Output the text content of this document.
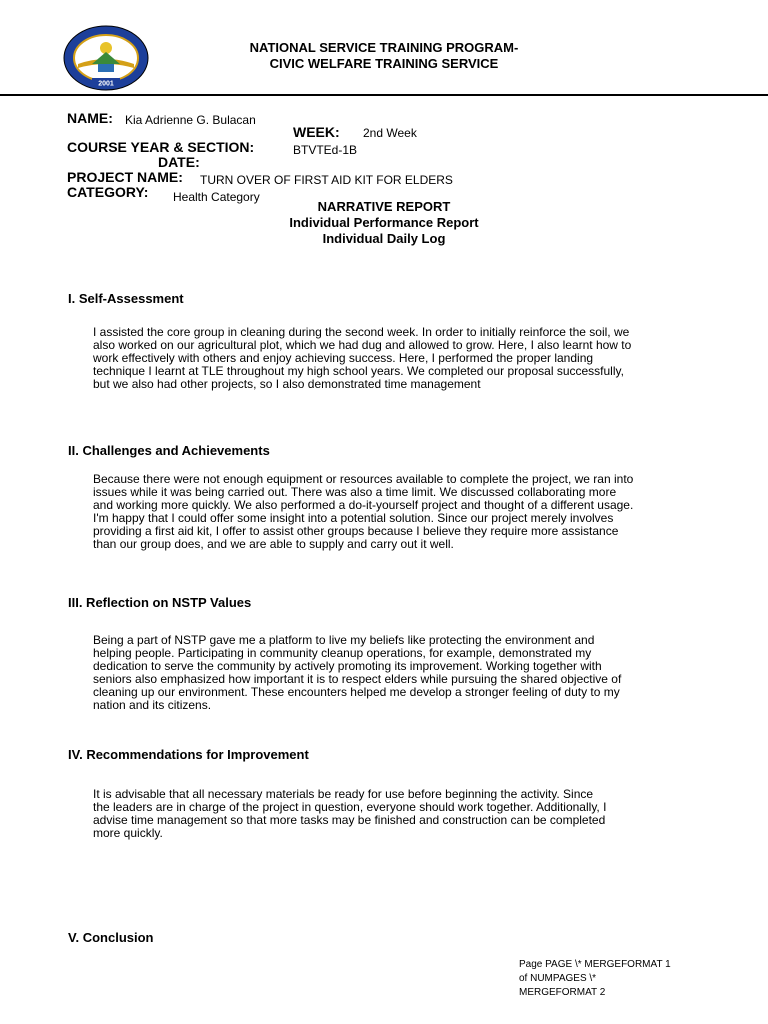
2001
NATIONAL SERVICE TRAINING PROGRAM-
CIVIC WELFARE TRAINING SERVICE
NAME: Kia Adrienne G. Bulacan
WEEK: 2nd Week
COURSE YEAR & SECTION:	BTVTEd-1B
DATE:
PROJECT NAME: TURN OVER OF FIRST AID KIT FOR ELDERS
CATEGORY: Health Category
NARRATIVE REPORT
Individual Performance Report
Individual Daily Log
I. Self-Assessment
I assisted the core group in cleaning during the second week. In order to initially reinforce the soil, we
also worked on our agricultural plot, which we had dug and allowed to grow. Here, I also learnt how to
work effectively with others and enjoy achieving success. Here, I performed the proper landing
technique I learnt at TLE throughout my high school years. We completed our proposal successfully,
but we also had other projects, so I also demonstrated time management
II. Challenges and Achievements
Because there were not enough equipment or resources available to complete the project, we ran into
issues while it was being carried out. There was also a time limit. We discussed collaborating more
and working more quickly. We also performed a do-it-yourself project and thought of a different usage.
I'm happy that I could offer some insight into a potential solution. Since our project merely involves
providing a first aid kit, I offer to assist other groups because I believe they require more assistance
than our group does, and we are able to supply and carry out it well.
III. Reflection on NSTP Values
Being a part of NSTP gave me a platform to live my beliefs like protecting the environment and
helping people. Participating in community cleanup operations, for example, demonstrated my
dedication to serve the community by actively promoting its improvement. Working together with
seniors also emphasized how important it is to respect elders while pursuing the shared objective of
cleaning up our environment. These encounters helped me develop a stronger feeling of duty to my
nation and its citizens.
IV. Recommendations for Improvement
It is advisable that all necessary materials be ready for use before beginning the activity. Since
the leaders are in charge of the project in question, everyone should work together. Additionally, I
advise time management so that more tasks may be finished and construction can be completed
more quickly.
V. Conclusion
Page PAGE \* MERGEFORMAT 1
of NUMPAGES \*
MERGEFORMAT 2
